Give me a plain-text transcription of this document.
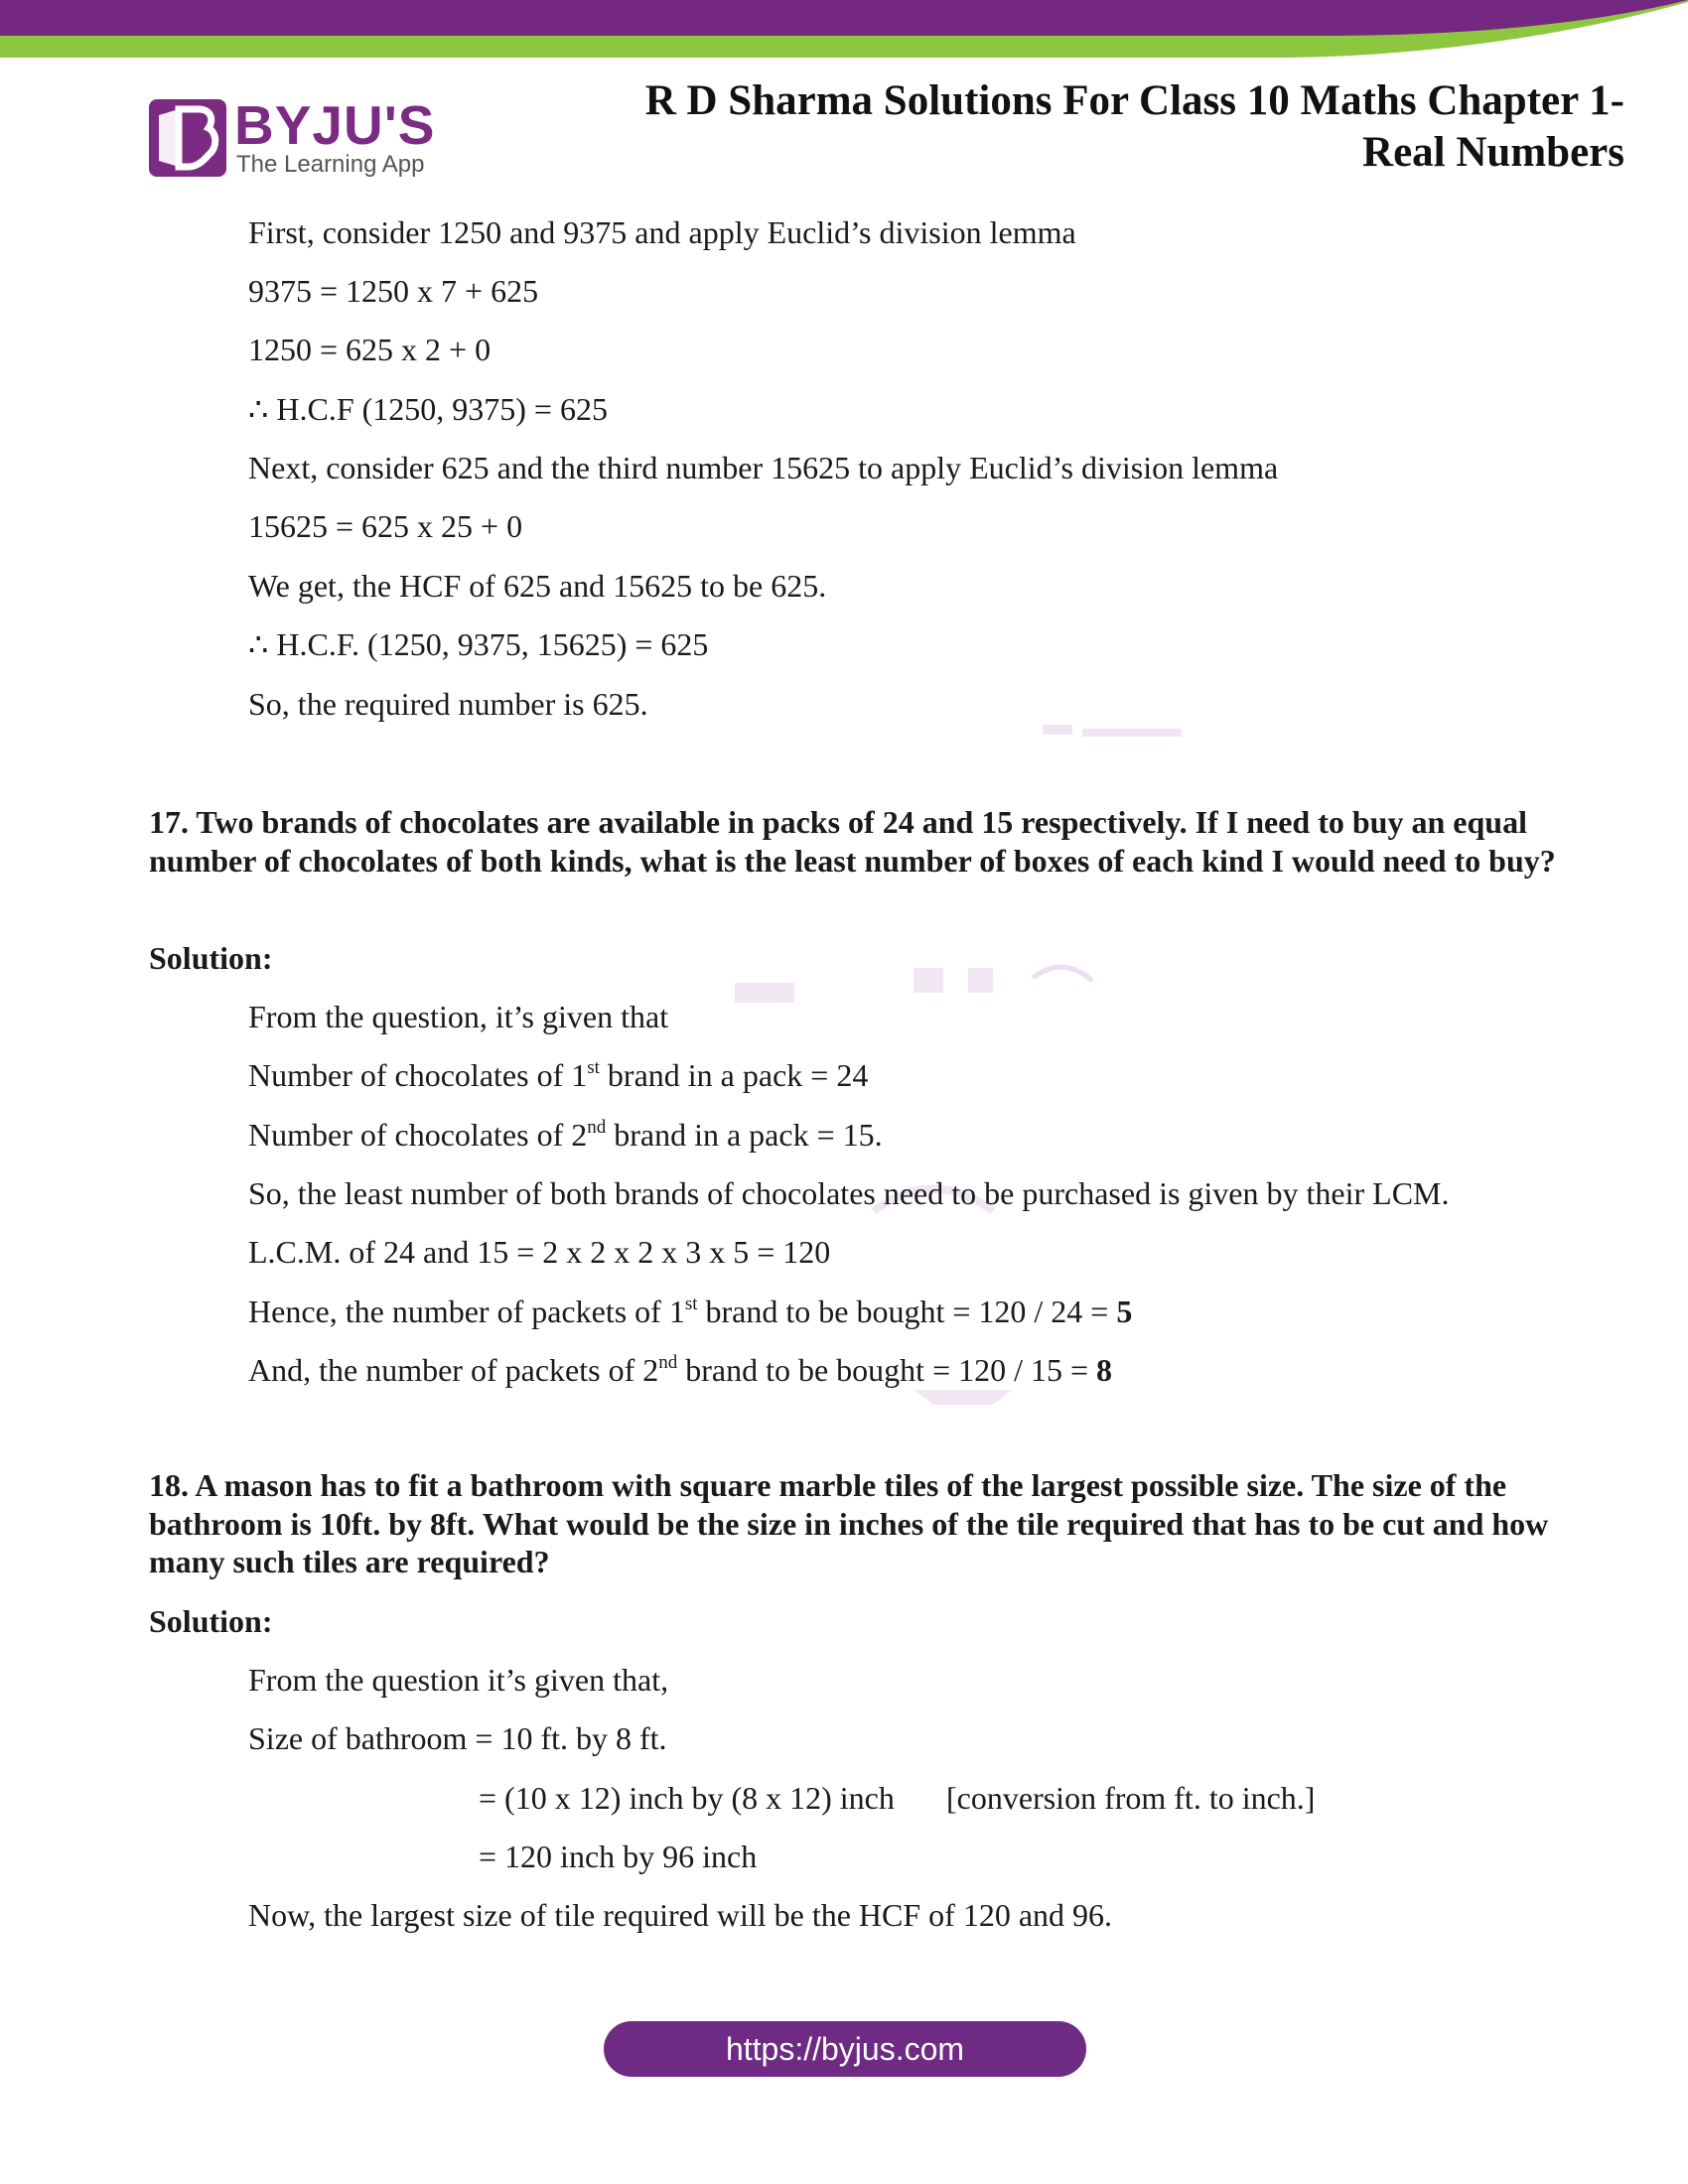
BYJU'S
The Learning App
R D Sharma Solutions For Class 10 Maths Chapter 1-
Real Numbers
First, consider 1250 and 9375 and apply Euclid’s division lemma
9375 = 1250 x 7 + 625
1250 = 625 x 2 + 0
∴ H.C.F (1250, 9375) = 625
Next, consider 625 and the third number 15625 to apply Euclid’s division lemma
15625 = 625 x 25 + 0
We get, the HCF of 625 and 15625 to be 625.
∴ H.C.F. (1250, 9375, 15625) = 625
So, the required number is 625.
17. Two brands of chocolates are available in packs of 24 and 15 respectively. If I need to buy an equal number of chocolates of both kinds, what is the least number of boxes of each kind I would need to buy?
Solution:
From the question, it’s given that
Number of chocolates of 1st brand in a pack = 24
Number of chocolates of 2nd brand in a pack = 15.
So, the least number of both brands of chocolates need to be purchased is given by their LCM.
L.C.M. of 24 and 15 = 2 x 2 x 2 x 3 x 5 = 120
Hence, the number of packets of 1st brand to be bought = 120 / 24 = 5
And, the number of packets of 2nd brand to be bought = 120 / 15 = 8
18. A mason has to fit a bathroom with square marble tiles of the largest possible size. The size of the bathroom is 10ft. by 8ft. What would be the size in inches of the tile required that has to be cut and how many such tiles are required?
Solution:
From the question it’s given that,
Size of bathroom = 10 ft. by 8 ft.
= (10 x 12) inch by (8 x 12) inch [conversion from ft. to inch.]
= 120 inch by 96 inch
Now, the largest size of tile required will be the HCF of 120 and 96.
https://byjus.com
